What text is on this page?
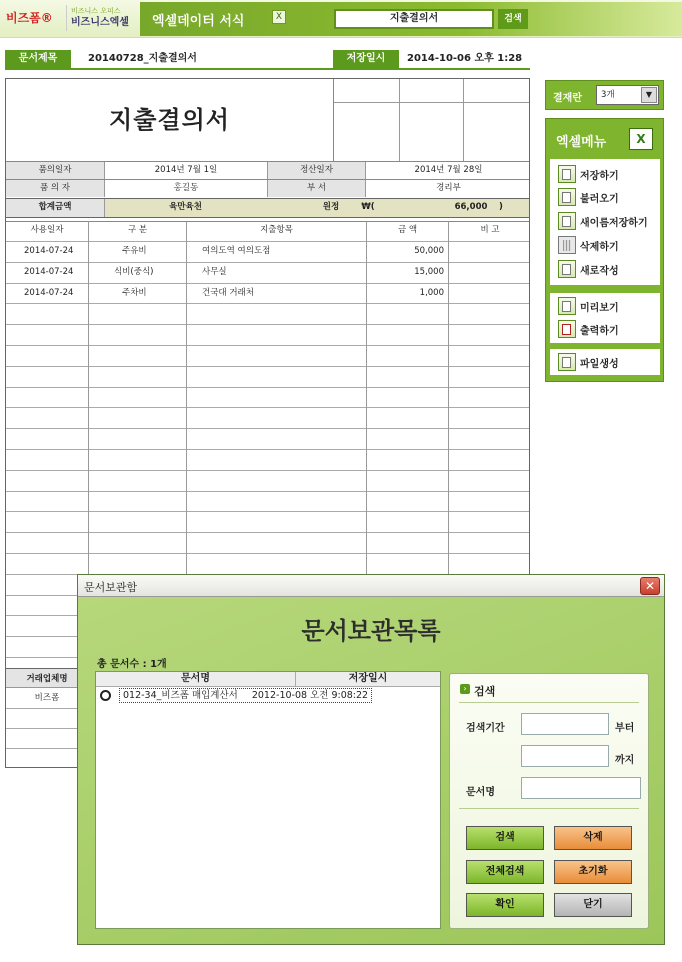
비즈폼®	비즈니스 오피스
비즈니스엑셀 엑셀데이터 서식	X	지출결의서	검색
문서제목	20140728_지출결의서	저장일시	2014-10-06 오후 1:28
지출결의서
품의일자	2014년 7월 1일	정산일자	2014년 7월 28일
품 의 자	홍길동	부 서	경리부
합계금액	육만육천	원정	₩(	66,000	)
사용일자	구 분	지출항목	금 액	비 고
2014-07-24	주유비	여의도역 여의도점	50,000
2014-07-24	식비(중식)	사무실	15,000
2014-07-24	주차비	건국대 거래처	1,000
거래업체명
비즈폼
결재란	3개	▼
엑셀메뉴	X
저장하기
불러오기
새이름저장하기
삭제하기
새로작성
미리보기
출력하기
파일생성
문서보관함	✕
문서보관목록
총 문서수 : 1개
문서명	저장일시
012-34_비즈폼 매입계산서 2012-10-08 오전 9:08:22
› 검색
검색기간	부터
까지
문서명
검색	삭제
전체검색	초기화
확인	닫기
